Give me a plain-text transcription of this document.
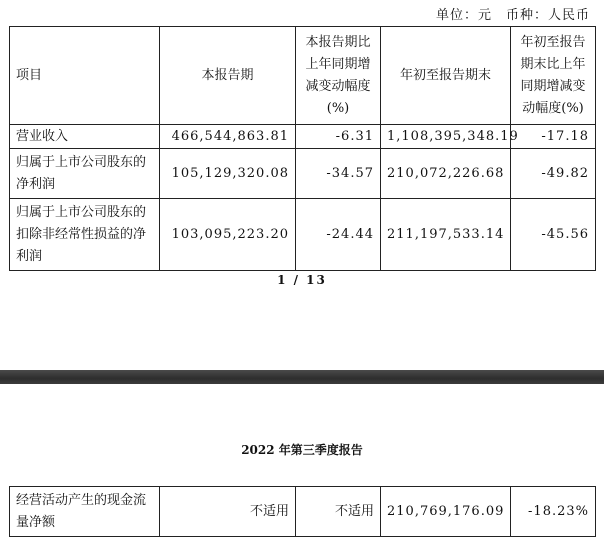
单位：元 币种：人民币
项目	本报告期	本报告期比上年同期增减变动幅度(%)	年初至报告期末	年初至报告期末比上年同期增减变动幅度(%)
营业收入	466,544,863.81	-6.31	1,108,395,348.19	-17.18
归属于上市公司股东的净利润	105,129,320.08	-34.57	210,072,226.68	-49.82
归属于上市公司股东的扣除非经常性损益的净利润	103,095,223.20	-24.44	211,197,533.14	-45.56
1 / 13
2022 年第三季度报告
经营活动产生的现金流量净额	不适用	不适用	210,769,176.09	-18.23%
